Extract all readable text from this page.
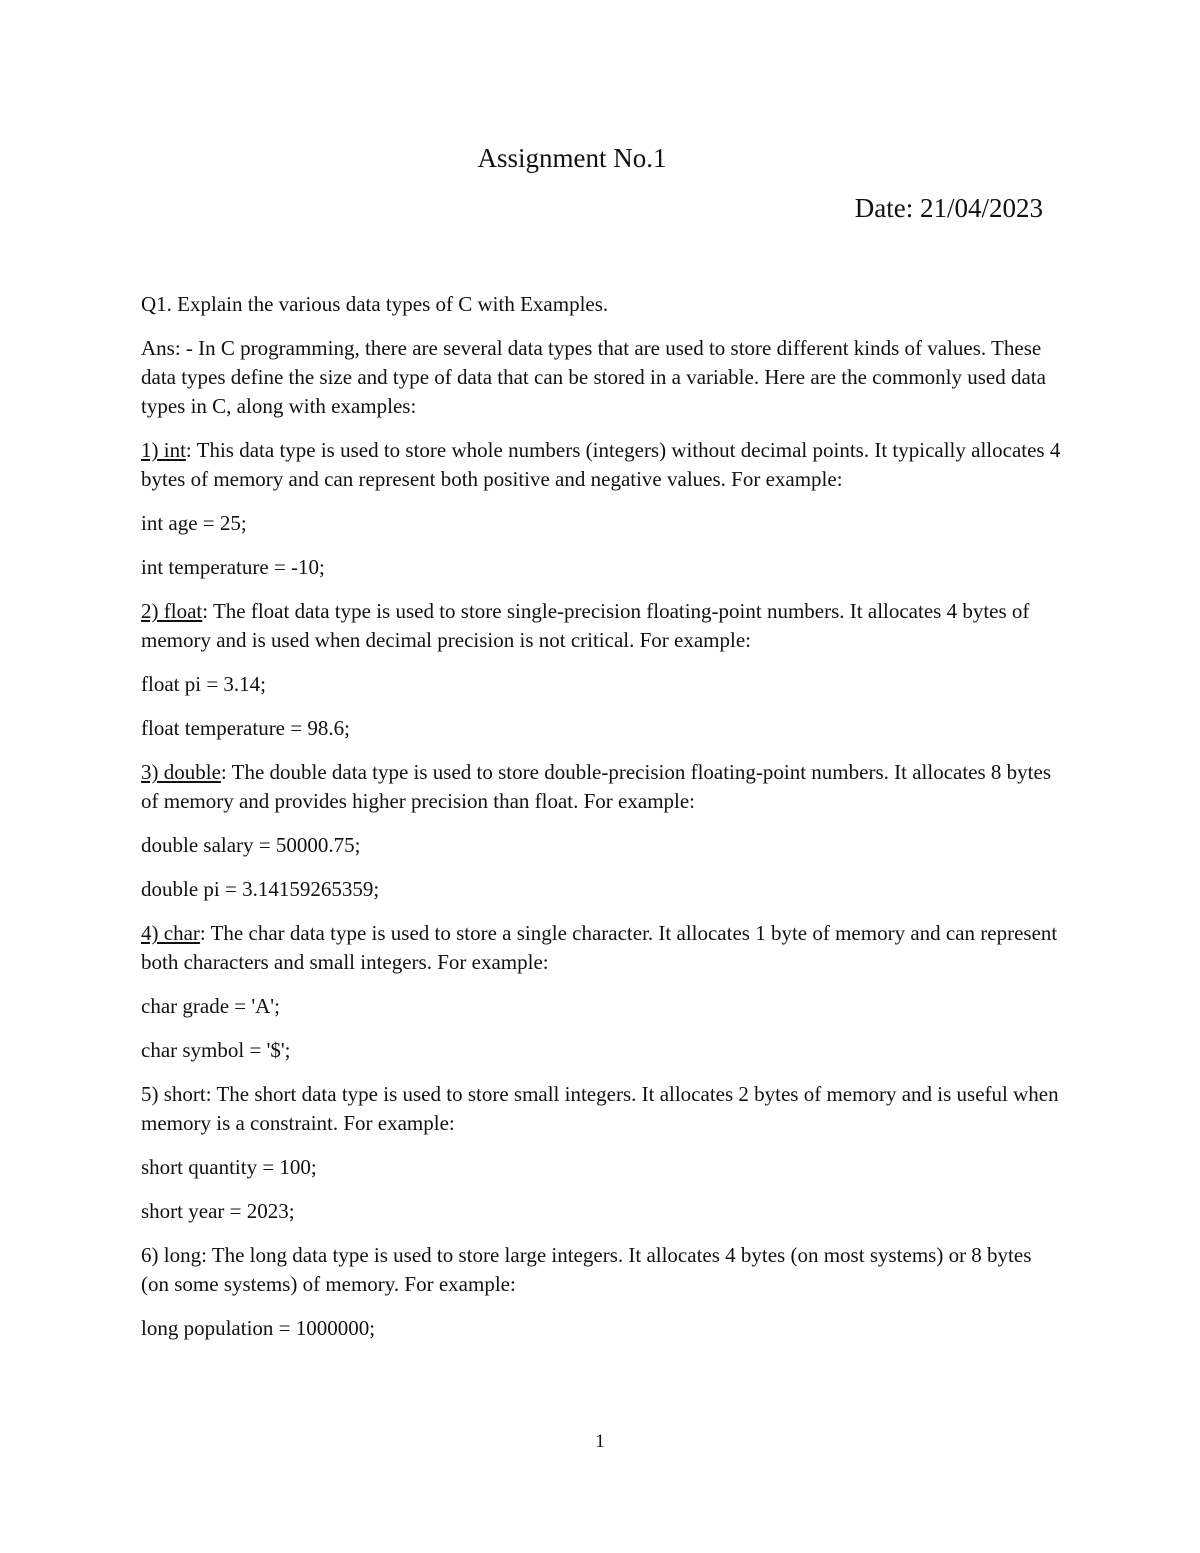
Assignment No.1
Date: 21/04/2023

Q1. Explain the various data types of C with Examples.

Ans: - In C programming, there are several data types that are used to store different kinds of values. These data types define the size and type of data that can be stored in a variable. Here are the commonly used data types in C, along with examples:

1) int: This data type is used to store whole numbers (integers) without decimal points. It typically allocates 4 bytes of memory and can represent both positive and negative values. For example:

int age = 25;

int temperature = -10;

2) float: The float data type is used to store single-precision floating-point numbers. It allocates 4 bytes of memory and is used when decimal precision is not critical. For example:

float pi = 3.14;

float temperature = 98.6;

3) double: The double data type is used to store double-precision floating-point numbers. It allocates 8 bytes of memory and provides higher precision than float. For example:

double salary = 50000.75;

double pi = 3.14159265359;

4) char: The char data type is used to store a single character. It allocates 1 byte of memory and can represent both characters and small integers. For example:

char grade = 'A';

char symbol = '$';

5) short: The short data type is used to store small integers. It allocates 2 bytes of memory and is useful when memory is a constraint. For example:

short quantity = 100;

short year = 2023;

6) long: The long data type is used to store large integers. It allocates 4 bytes (on most systems) or 8 bytes (on some systems) of memory. For example:

long population = 1000000;

1
